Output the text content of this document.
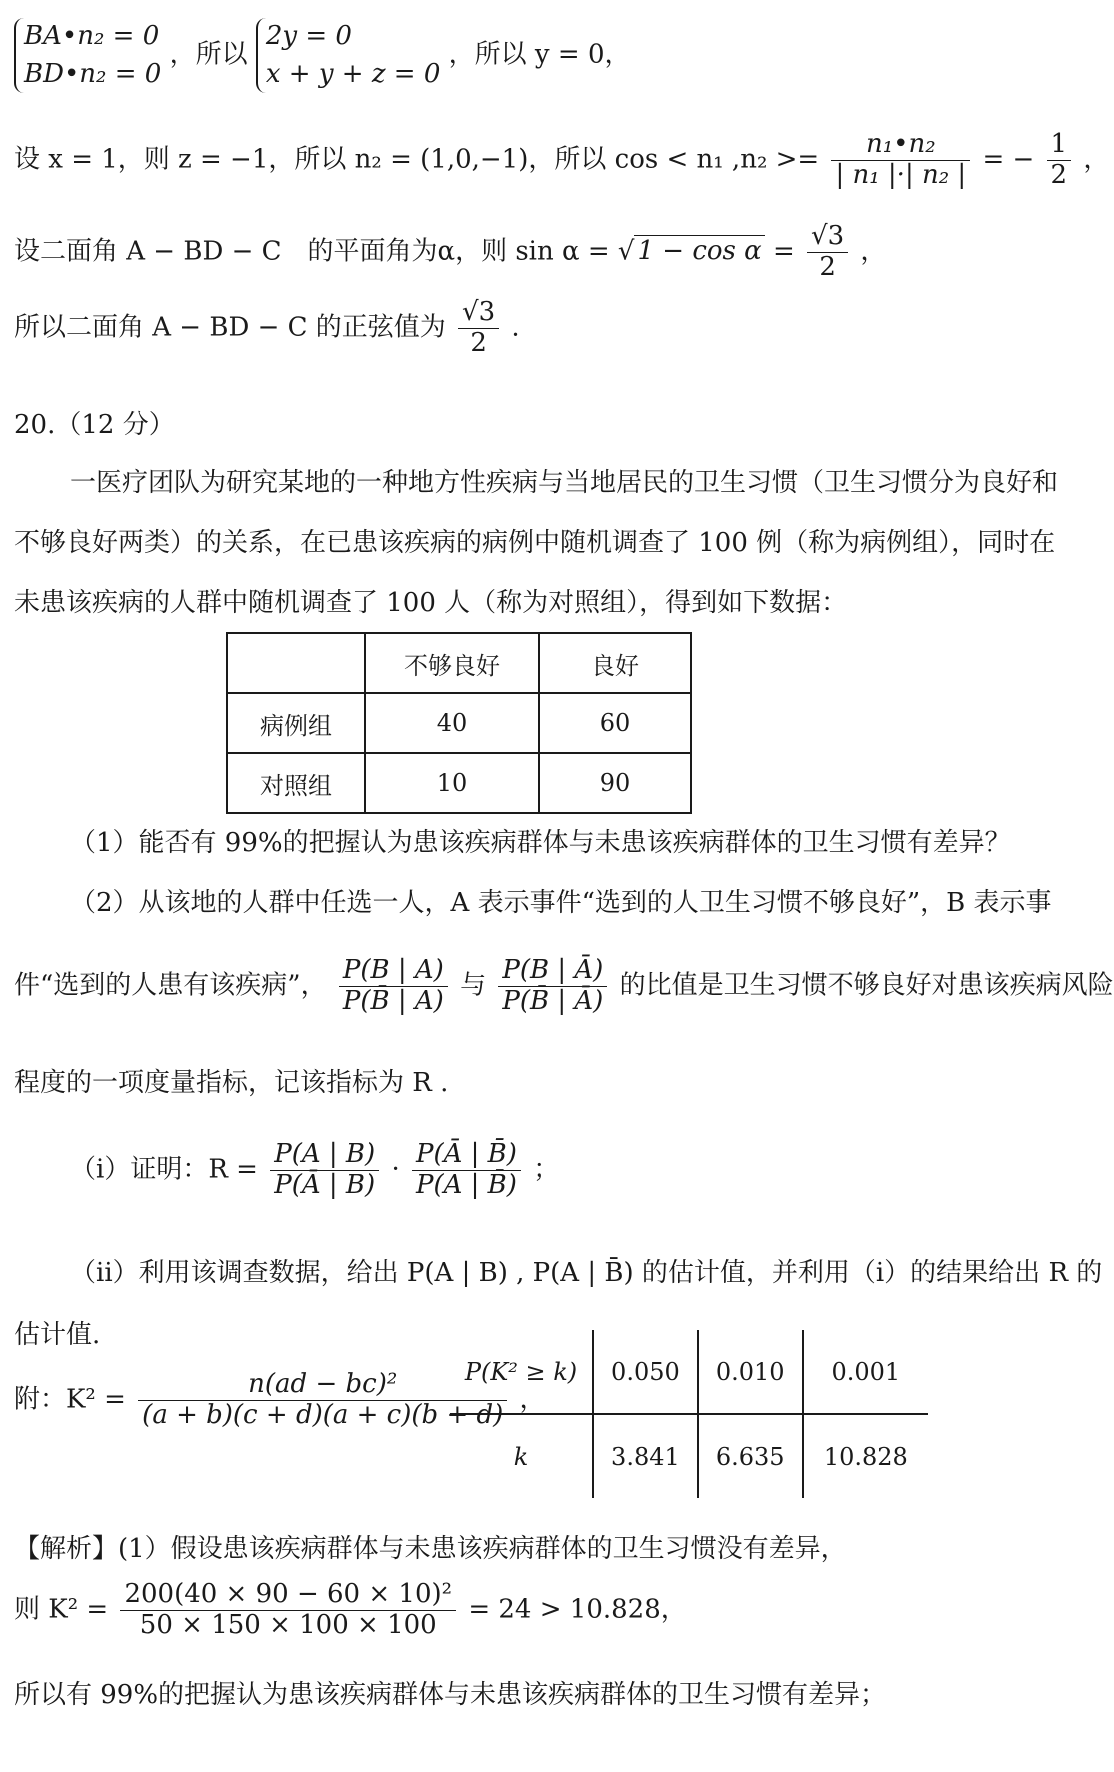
BA•n₂ = 0
BD•n₂ = 0
，所以
2y = 0
x + y + z = 0
，所以 y = 0，
设 x = 1，则 z = −1，所以 n₂ = (1,0,−1)，所以 cos < n₁ $,n_2 >= \frac{\text{n₁•n₂}}{\text{| n₁ |·| n₂ |}}$ = − $\frac{1}{2}$ ，
设二面角 A − BD − C　的平面角为α，则 sin α = √ $1 - \cos \alpha = \frac{√3}{2}$ ，
所以二面角 A − BD − C 的正弦值为 $\frac{√3}{2}$ .
20.（12 分）
一医疗团队为研究某地的一种地方性疾病与当地居民的卫生习惯（卫生习惯分为良好和
不够良好两类）的关系，在已患该疾病的病例中随机调查了 100 例（称为病例组），同时在
未患该疾病的人群中随机调查了 100 人（称为对照组），得到如下数据：
	不够良好	良好
病例组	40	60
对照组	10	90
（1）能否有 99%的把握认为患该疾病群体与未患该疾病群体的卫生习惯有差异？
（2）从该地的人群中任选一人，A 表示事件“选到的人卫生习惯不够良好”，B 表示事
件“选到的人患有该疾病”， $\frac{P(B | A)}{P(B̄ | A)}$ 与 $\frac{P(B | Ā)}{P(B̄ | Ā)}$ 的比值是卫生习惯不够良好对患该疾病风险
程度的一项度量指标，记该指标为 R .
（i）证明：$R = \frac{P(A | B)}{P(Ā | B)} \cdot \frac{P(Ā | B̄)}{P(A | B̄)}$ ；
（ii）利用该调查数据，给出 P(A | B) , P(A | B̄) 的估计值，并利用（i）的结果给出 R 的
估计值.
附：$K^2 = \frac{\text{n(ad − bc)²}}{(a + b)(c + d)(a + c)(b + d)}$ ，
P(K² ≥ k)	0.050	0.010	0.001
k	3.841	6.635	10.828
【解析】(1）假设患该疾病群体与未患该疾病群体的卫生习惯没有差异，
则 $K^2 = \frac{\text{200(40 × 90 − 60 × 10)²}}{50 \times 150 \times 100 \times 100} = 24 > 10.828$，
所以有 99%的把握认为患该疾病群体与未患该疾病群体的卫生习惯有差异；
